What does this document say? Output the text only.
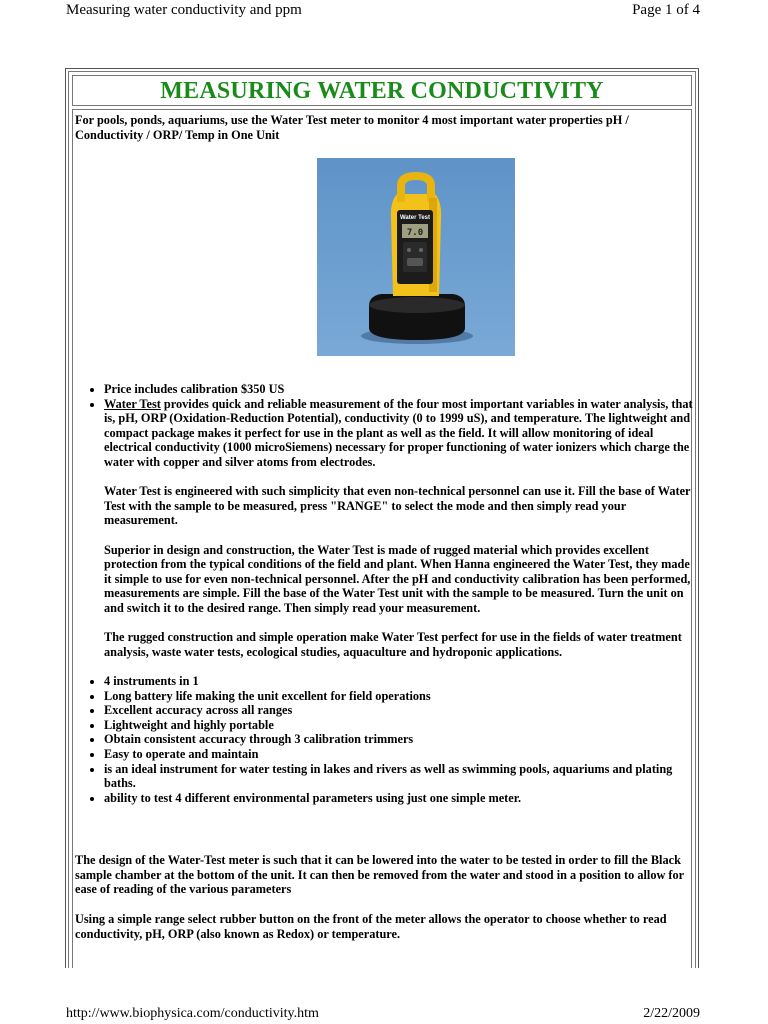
Measuring water conductivity and ppm	Page 1 of 4
MEASURING WATER CONDUCTIVITY
For pools, ponds, aquariums, use the Water Test meter to monitor 4 most important water properties pH / Conductivity / ORP/ Temp in One Unit
Water Test
7.0
• Price includes calibration $350 US
• Water Test provides quick and reliable measurement of the four most important variables in water analysis, that is, pH, ORP (Oxidation-Reduction Potential), conductivity (0 to 1999 uS), and temperature. The lightweight and compact package makes it perfect for use in the plant as well as the field. It will allow monitoring of ideal electrical conductivity (1000 microSiemens) necessary for proper functioning of water ionizers which charge the water with copper and silver atoms from electrodes.
Water Test is engineered with such simplicity that even non-technical personnel can use it. Fill the base of Water Test with the sample to be measured, press "RANGE" to select the mode and then simply read your measurement.
Superior in design and construction, the Water Test is made of rugged material which provides excellent protection from the typical conditions of the field and plant. When Hanna engineered the Water Test, they made it simple to use for even non-technical personnel. After the pH and conductivity calibration has been performed, measurements are simple. Fill the base of the Water Test unit with the sample to be measured. Turn the unit on and switch it to the desired range. Then simply read your measurement.
The rugged construction and simple operation make Water Test perfect for use in the fields of water treatment analysis, waste water tests, ecological studies, aquaculture and hydroponic applications.
• 4 instruments in 1
• Long battery life making the unit excellent for field operations
• Excellent accuracy across all ranges
• Lightweight and highly portable
• Obtain consistent accuracy through 3 calibration trimmers
• Easy to operate and maintain
• is an ideal instrument for water testing in lakes and rivers as well as swimming pools, aquariums and plating baths.
• ability to test 4 different environmental parameters using just one simple meter.
The design of the Water-Test meter is such that it can be lowered into the water to be tested in order to fill the Black sample chamber at the bottom of the unit. It can then be removed from the water and stood in a position to allow for ease of reading of the various parameters
Using a simple range select rubber button on the front of the meter allows the operator to choose whether to read conductivity, pH, ORP (also known as Redox) or temperature.
http://www.biophysica.com/conductivity.htm	2/22/2009
